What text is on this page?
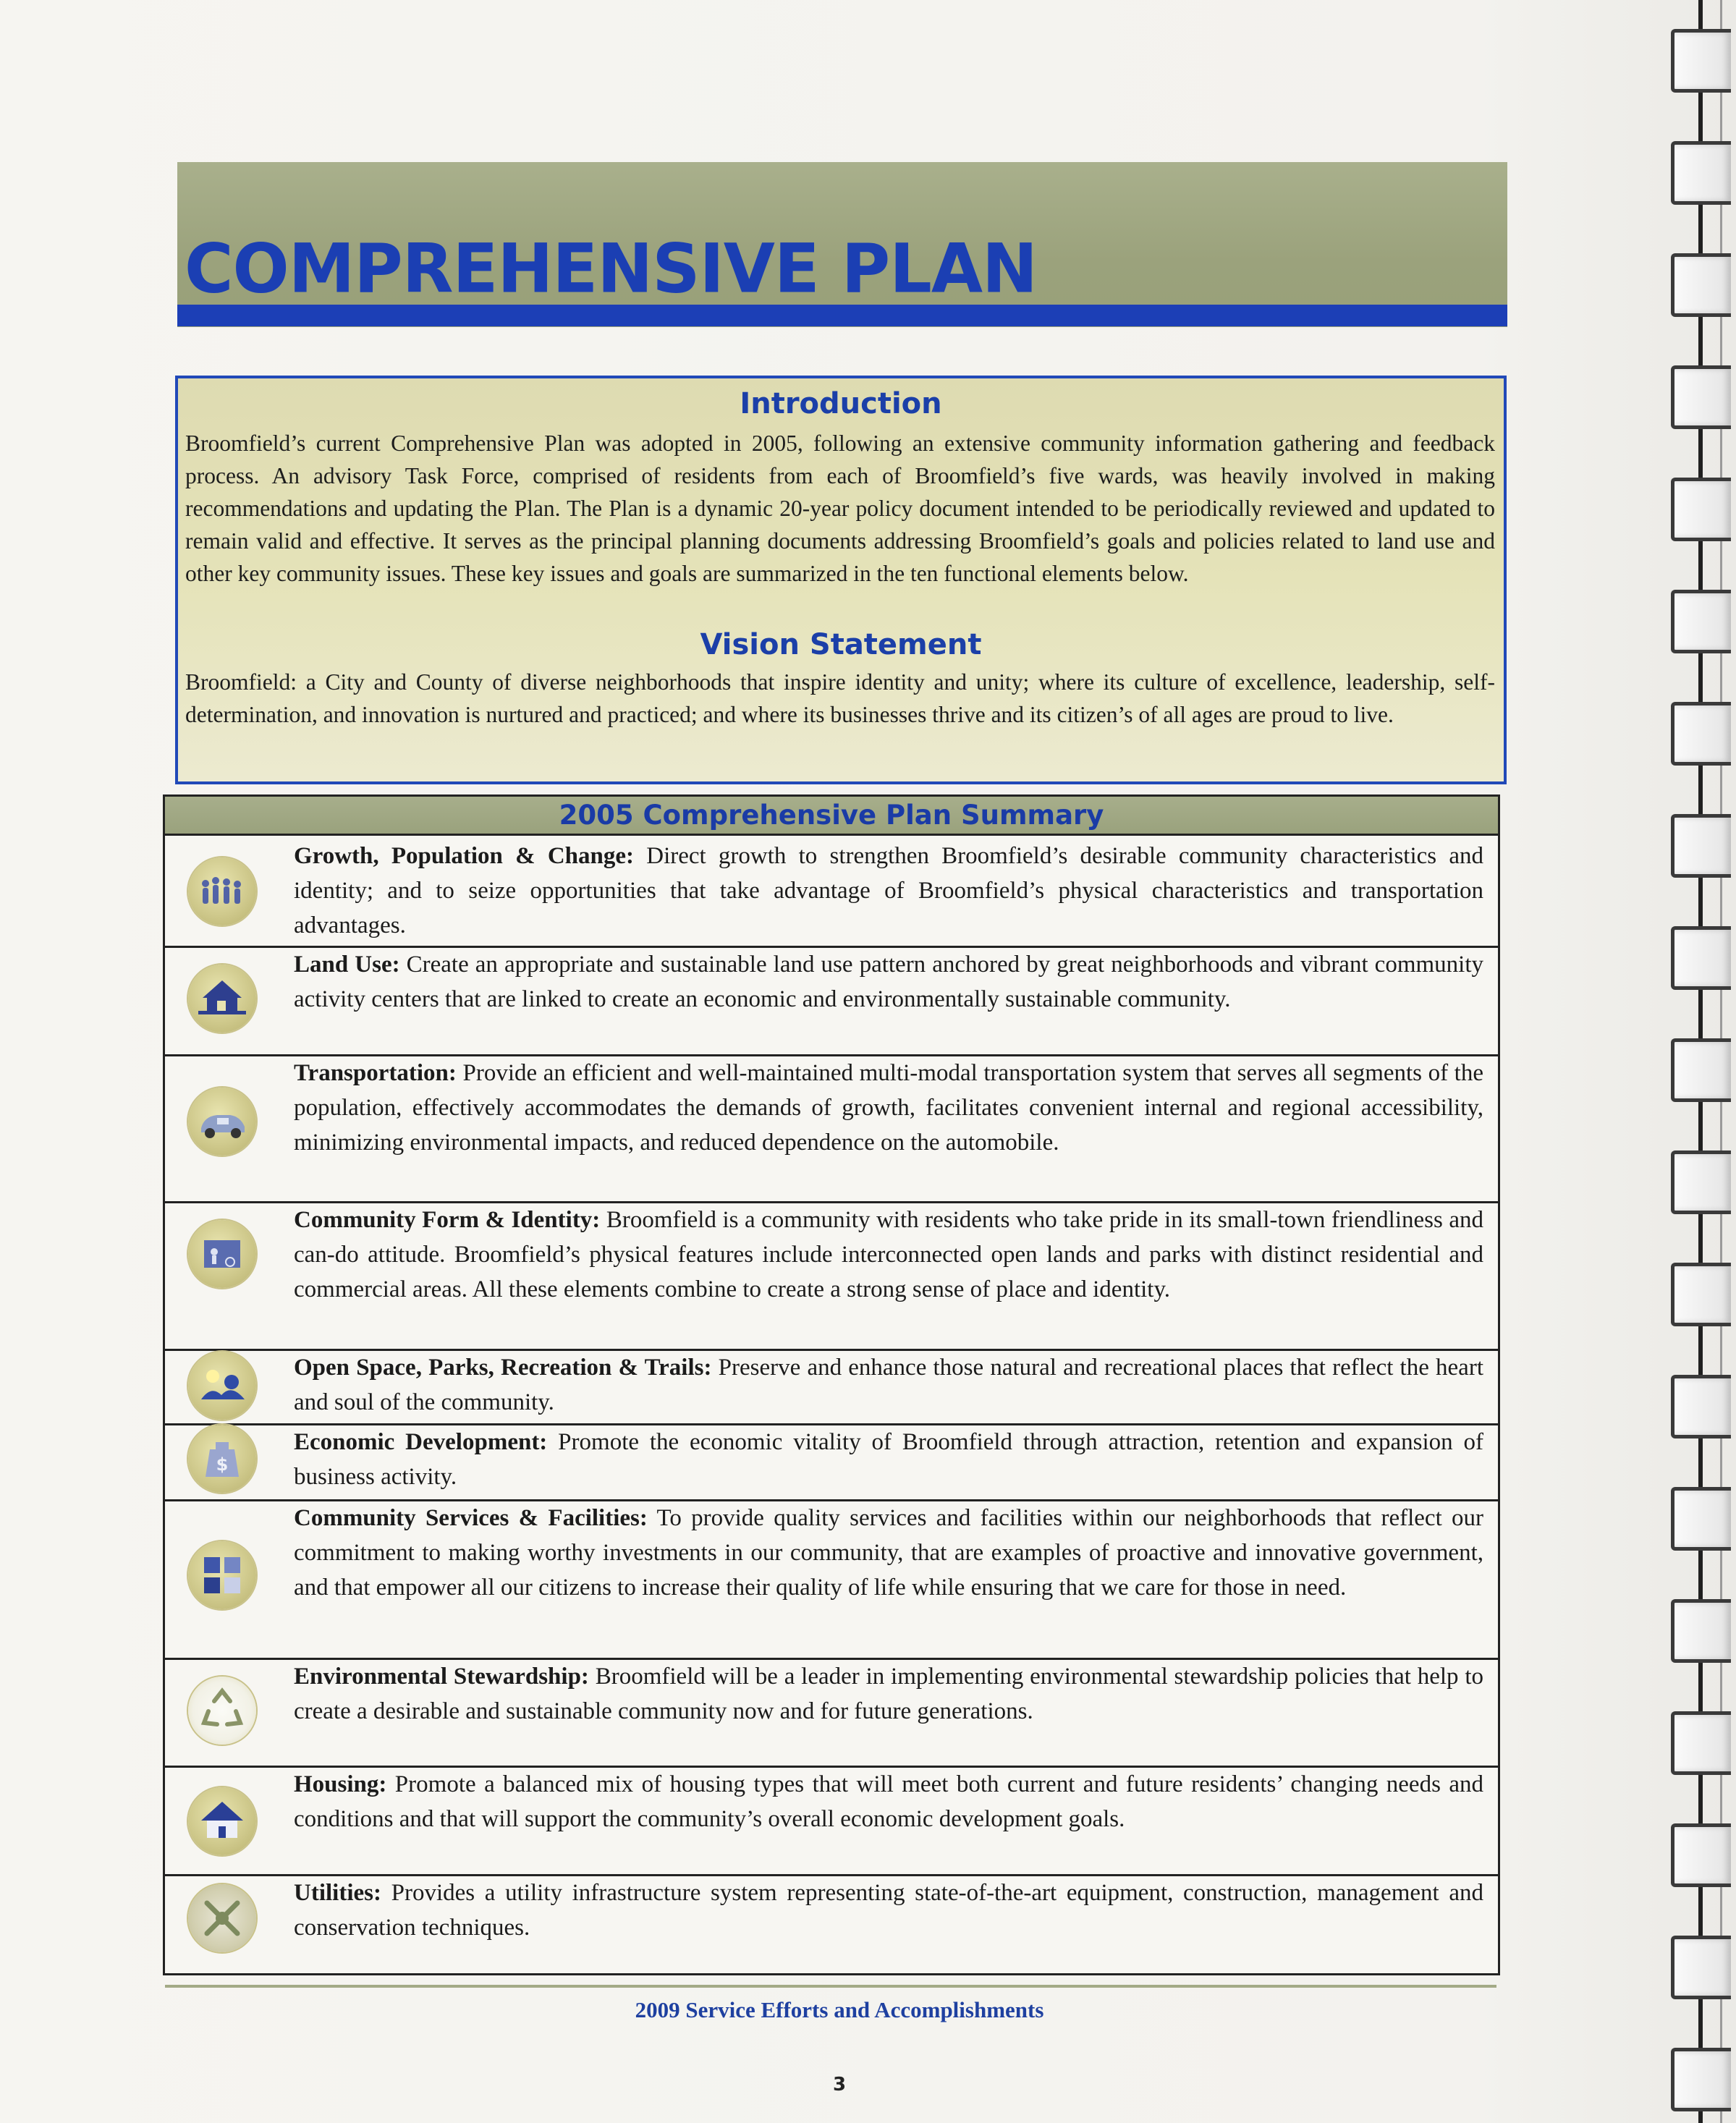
COMPREHENSIVE PLAN
Introduction
Broomfield’s current Comprehensive Plan was adopted in 2005, following an extensive community information gathering and feedback process. An advisory Task Force, comprised of residents from each of Broomfield’s five wards, was heavily involved in making recommendations and updating the Plan. The Plan is a dynamic 20-year policy document intended to be periodically reviewed and updated to remain valid and effective. It serves as the principal planning documents addressing Broomfield’s goals and policies related to land use and other key community issues. These key issues and goals are summarized in the ten functional elements below.
Vision Statement
Broomfield: a City and County of diverse neighborhoods that inspire identity and unity; where its culture of excellence, leadership, self-determination, and innovation is nurtured and practiced; and where its businesses thrive and its citizen’s of all ages are proud to live.
2005 Comprehensive Plan Summary
Growth, Population & Change: Direct growth to strengthen Broomfield’s desirable community characteristics and identity; and to seize opportunities that take advantage of Broomfield’s physical characteristics and transportation advantages.
Land Use: Create an appropriate and sustainable land use pattern anchored by great neighborhoods and vibrant community activity centers that are linked to create an economic and environmentally sustainable community.
Transportation: Provide an efficient and well-maintained multi-modal transportation system that serves all segments of the population, effectively accommodates the demands of growth, facilitates convenient internal and regional accessibility, minimizing environmental impacts, and reduced dependence on the automobile.
Community Form & Identity: Broomfield is a community with residents who take pride in its small-town friendliness and can-do attitude. Broomfield’s physical features include interconnected open lands and parks with distinct residential and commercial areas. All these elements combine to create a strong sense of place and identity.
Open Space, Parks, Recreation & Trails: Preserve and enhance those natural and recreational places that reflect the heart and soul of the community.
$
Economic Development: Promote the economic vitality of Broomfield through attraction, retention and expansion of business activity.
Community Services & Facilities: To provide quality services and facilities within our neighborhoods that reflect our commitment to making worthy investments in our community, that are examples of proactive and innovative government, and that empower all our citizens to increase their quality of life while ensuring that we care for those in need.
Environmental Stewardship: Broomfield will be a leader in implementing environmental stewardship policies that help to create a desirable and sustainable community now and for future generations.
Housing: Promote a balanced mix of housing types that will meet both current and future residents’ changing needs and conditions and that will support the community’s overall economic development goals.
Utilities: Provides a utility infrastructure system representing state-of-the-art equipment, construction, management and conservation techniques.
2009 Service Efforts and Accomplishments
3
